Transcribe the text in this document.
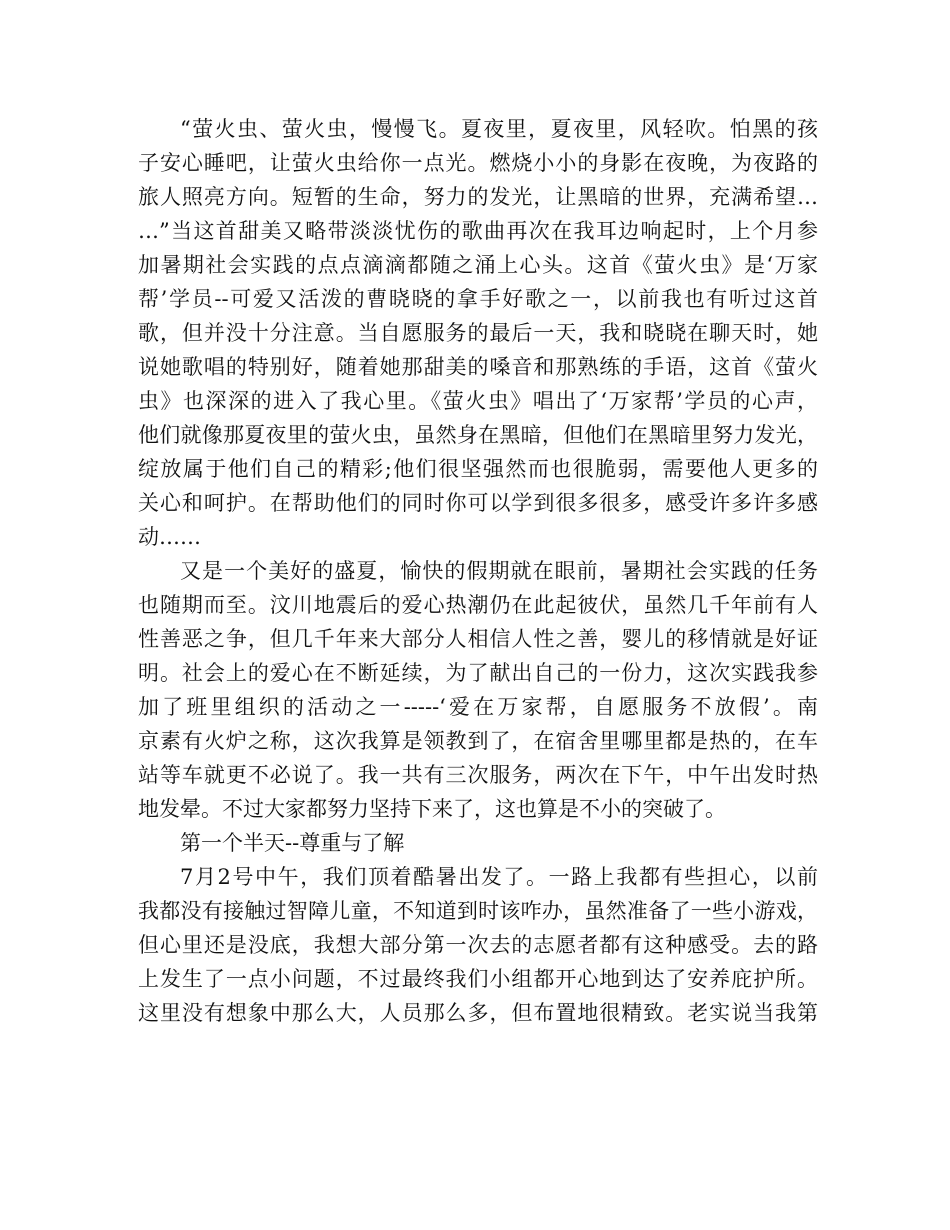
“萤火虫、萤火虫，慢慢飞。夏夜里，夏夜里，风轻吹。怕黑的孩
子安心睡吧，让萤火虫给你一点光。燃烧小小的身影在夜晚，为夜路的
旅人照亮方向。短暂的生命，努力的发光，让黑暗的世界，充满希望…
…”当这首甜美又略带淡淡忧伤的歌曲再次在我耳边响起时，上个月参
加暑期社会实践的点点滴滴都随之涌上心头。这首《萤火虫》是‘万家
帮’学员--可爱又活泼的曹晓晓的拿手好歌之一，以前我也有听过这首
歌，但并没十分注意。当自愿服务的最后一天，我和晓晓在聊天时，她
说她歌唱的特别好，随着她那甜美的嗓音和那熟练的手语，这首《萤火
虫》也深深的进入了我心里。《萤火虫》唱出了‘万家帮’学员的心声，
他们就像那夏夜里的萤火虫，虽然身在黑暗，但他们在黑暗里努力发光，
绽放属于他们自己的精彩;他们很坚强然而也很脆弱，需要他人更多的
关心和呵护。在帮助他们的同时你可以学到很多很多，感受许多许多感
动……
又是一个美好的盛夏，愉快的假期就在眼前，暑期社会实践的任务
也随期而至。汶川地震后的爱心热潮仍在此起彼伏，虽然几千年前有人
性善恶之争，但几千年来大部分人相信人性之善，婴儿的移情就是好证
明。社会上的爱心在不断延续，为了献出自己的一份力，这次实践我参
加了班里组织的活动之一-----‘爱在万家帮，自愿服务不放假’。南
京素有火炉之称，这次我算是领教到了，在宿舍里哪里都是热的，在车
站等车就更不必说了。我一共有三次服务，两次在下午，中午出发时热
地发晕。不过大家都努力坚持下来了，这也算是不小的突破了。
第一个半天--尊重与了解
7月2号中午，我们顶着酷暑出发了。一路上我都有些担心，以前
我都没有接触过智障儿童，不知道到时该咋办，虽然准备了一些小游戏，
但心里还是没底，我想大部分第一次去的志愿者都有这种感受。去的路
上发生了一点小问题，不过最终我们小组都开心地到达了安养庇护所。
这里没有想象中那么大，人员那么多，但布置地很精致。老实说当我第
